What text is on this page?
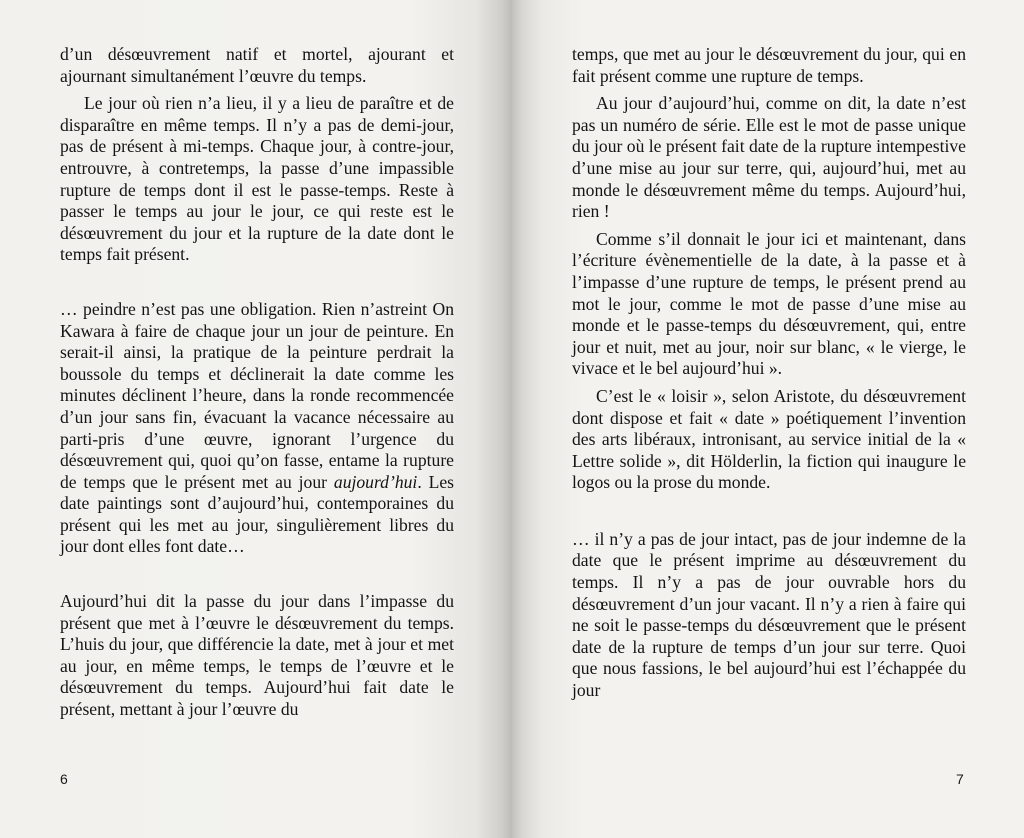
d’un désœuvrement natif et mortel, ajourant et ajournant simultanément l’œuvre du temps.

Le jour où rien n’a lieu, il y a lieu de paraître et de disparaître en même temps. Il n’y a pas de demi-jour, pas de présent à mi-temps. Chaque jour, à contre-jour, entrouvre, à contretemps, la passe d’une impassible rupture de temps dont il est le passe-temps. Reste à passer le temps au jour le jour, ce qui reste est le désœuvrement du jour et la rupture de la date dont le temps fait présent.

… peindre n’est pas une obligation. Rien n’astreint On Kawara à faire de chaque jour un jour de peinture. En serait-il ainsi, la pratique de la peinture perdrait la boussole du temps et déclinerait la date comme les minutes déclinent l’heure, dans la ronde recommencée d’un jour sans fin, évacuant la vacance nécessaire au parti-pris d’une œuvre, ignorant l’urgence du désœuvrement qui, quoi qu’on fasse, entame la rupture de temps que le présent met au jour aujourd’hui. Les date paintings sont d’aujourd’hui, contemporaines du présent qui les met au jour, singulièrement libres du jour dont elles font date…

Aujourd’hui dit la passe du jour dans l’impasse du présent que met à l’œuvre le désœuvrement du temps. L’huis du jour, que différencie la date, met à jour et met au jour, en même temps, le temps de l’œuvre et le désœuvrement du temps. Aujourd’hui fait date le présent, mettant à jour l’œuvre du

6

temps, que met au jour le désœuvrement du jour, qui en fait présent comme une rupture de temps.

Au jour d’aujourd’hui, comme on dit, la date n’est pas un numéro de série. Elle est le mot de passe unique du jour où le présent fait date de la rupture intempestive d’une mise au jour sur terre, qui, aujourd’hui, met au monde le désœuvrement même du temps. Aujourd’hui, rien !

Comme s’il donnait le jour ici et maintenant, dans l’écriture évènementielle de la date, à la passe et à l’impasse d’une rupture de temps, le présent prend au mot le jour, comme le mot de passe d’une mise au monde et le passe-temps du désœuvrement, qui, entre jour et nuit, met au jour, noir sur blanc, « le vierge, le vivace et le bel aujourd’hui ».

C’est le « loisir », selon Aristote, du désœuvrement dont dispose et fait « date » poétiquement l’invention des arts libéraux, intronisant, au service initial de la « Lettre solide », dit Hölderlin, la fiction qui inaugure le logos ou la prose du monde.

… il n’y a pas de jour intact, pas de jour indemne de la date que le présent imprime au désœuvrement du temps. Il n’y a pas de jour ouvrable hors du désœuvrement d’un jour vacant. Il n’y a rien à faire qui ne soit le passe-temps du désœuvrement que le présent date de la rupture de temps d’un jour sur terre. Quoi que nous fassions, le bel aujourd’hui est l’échappée du jour

7
